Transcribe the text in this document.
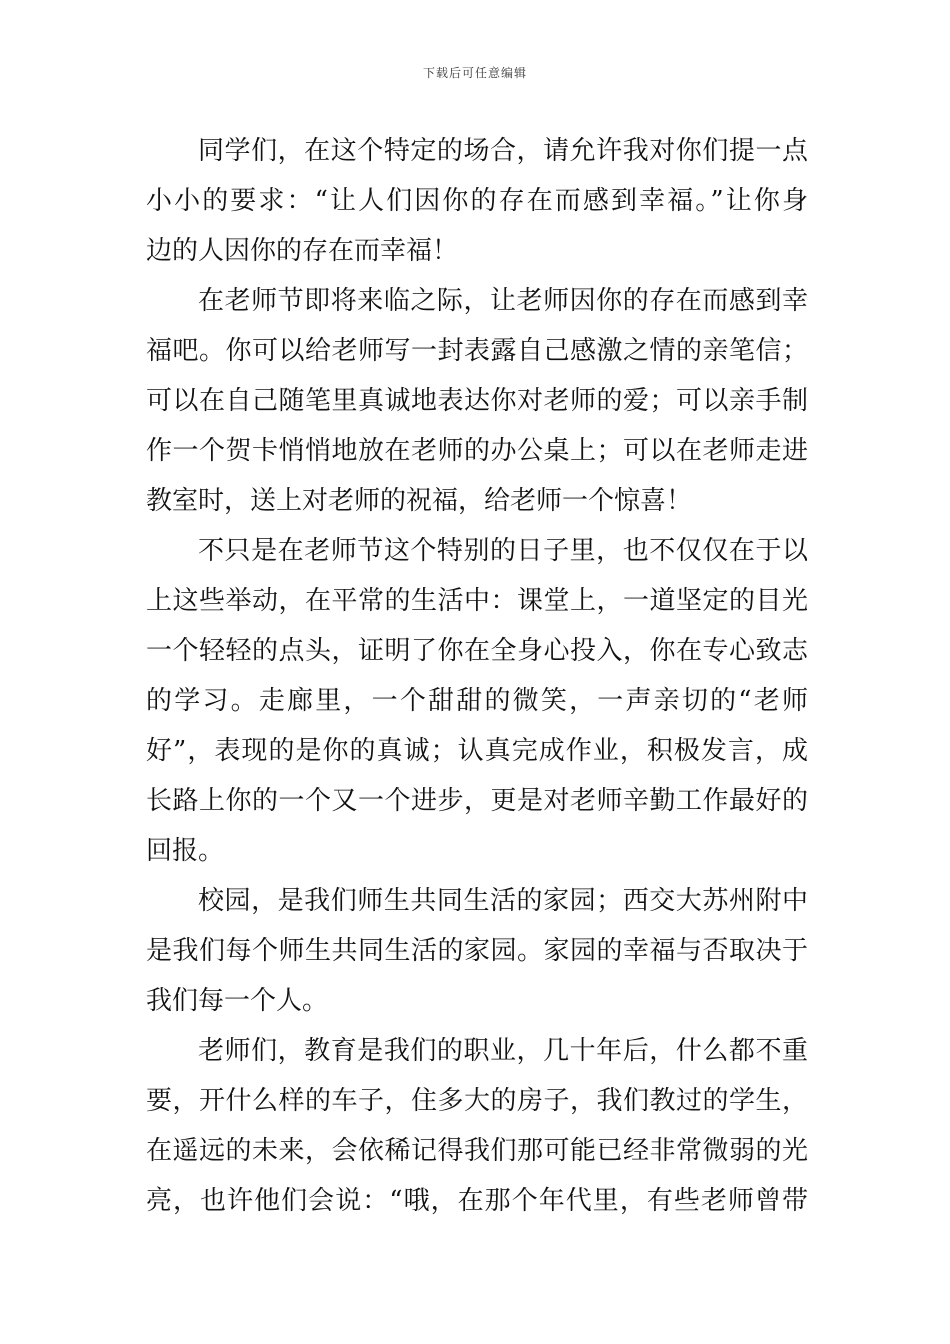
下载后可任意编辑
同学们，在这个特定的场合，请允许我对你们提一点
小小的要求：“让人们因你的存在而感到幸福。”让你身
边的人因你的存在而幸福！
在老师节即将来临之际，让老师因你的存在而感到幸
福吧。你可以给老师写一封表露自己感激之情的亲笔信；
可以在自己随笔里真诚地表达你对老师的爱；可以亲手制
作一个贺卡悄悄地放在老师的办公桌上；可以在老师走进
教室时，送上对老师的祝福，给老师一个惊喜！
不只是在老师节这个特别的日子里，也不仅仅在于以
上这些举动，在平常的生活中：课堂上，一道坚定的目光
一个轻轻的点头，证明了你在全身心投入，你在专心致志
的学习。走廊里，一个甜甜的微笑，一声亲切的“老师
好”，表现的是你的真诚；认真完成作业，积极发言，成
长路上你的一个又一个进步，更是对老师辛勤工作最好的
回报。
校园，是我们师生共同生活的家园；西交大苏州附中
是我们每个师生共同生活的家园。家园的幸福与否取决于
我们每一个人。
老师们，教育是我们的职业，几十年后，什么都不重
要，开什么样的车子，住多大的房子，我们教过的学生，
在遥远的未来，会依稀记得我们那可能已经非常微弱的光
亮，也许他们会说：“哦，在那个年代里，有些老师曾带
